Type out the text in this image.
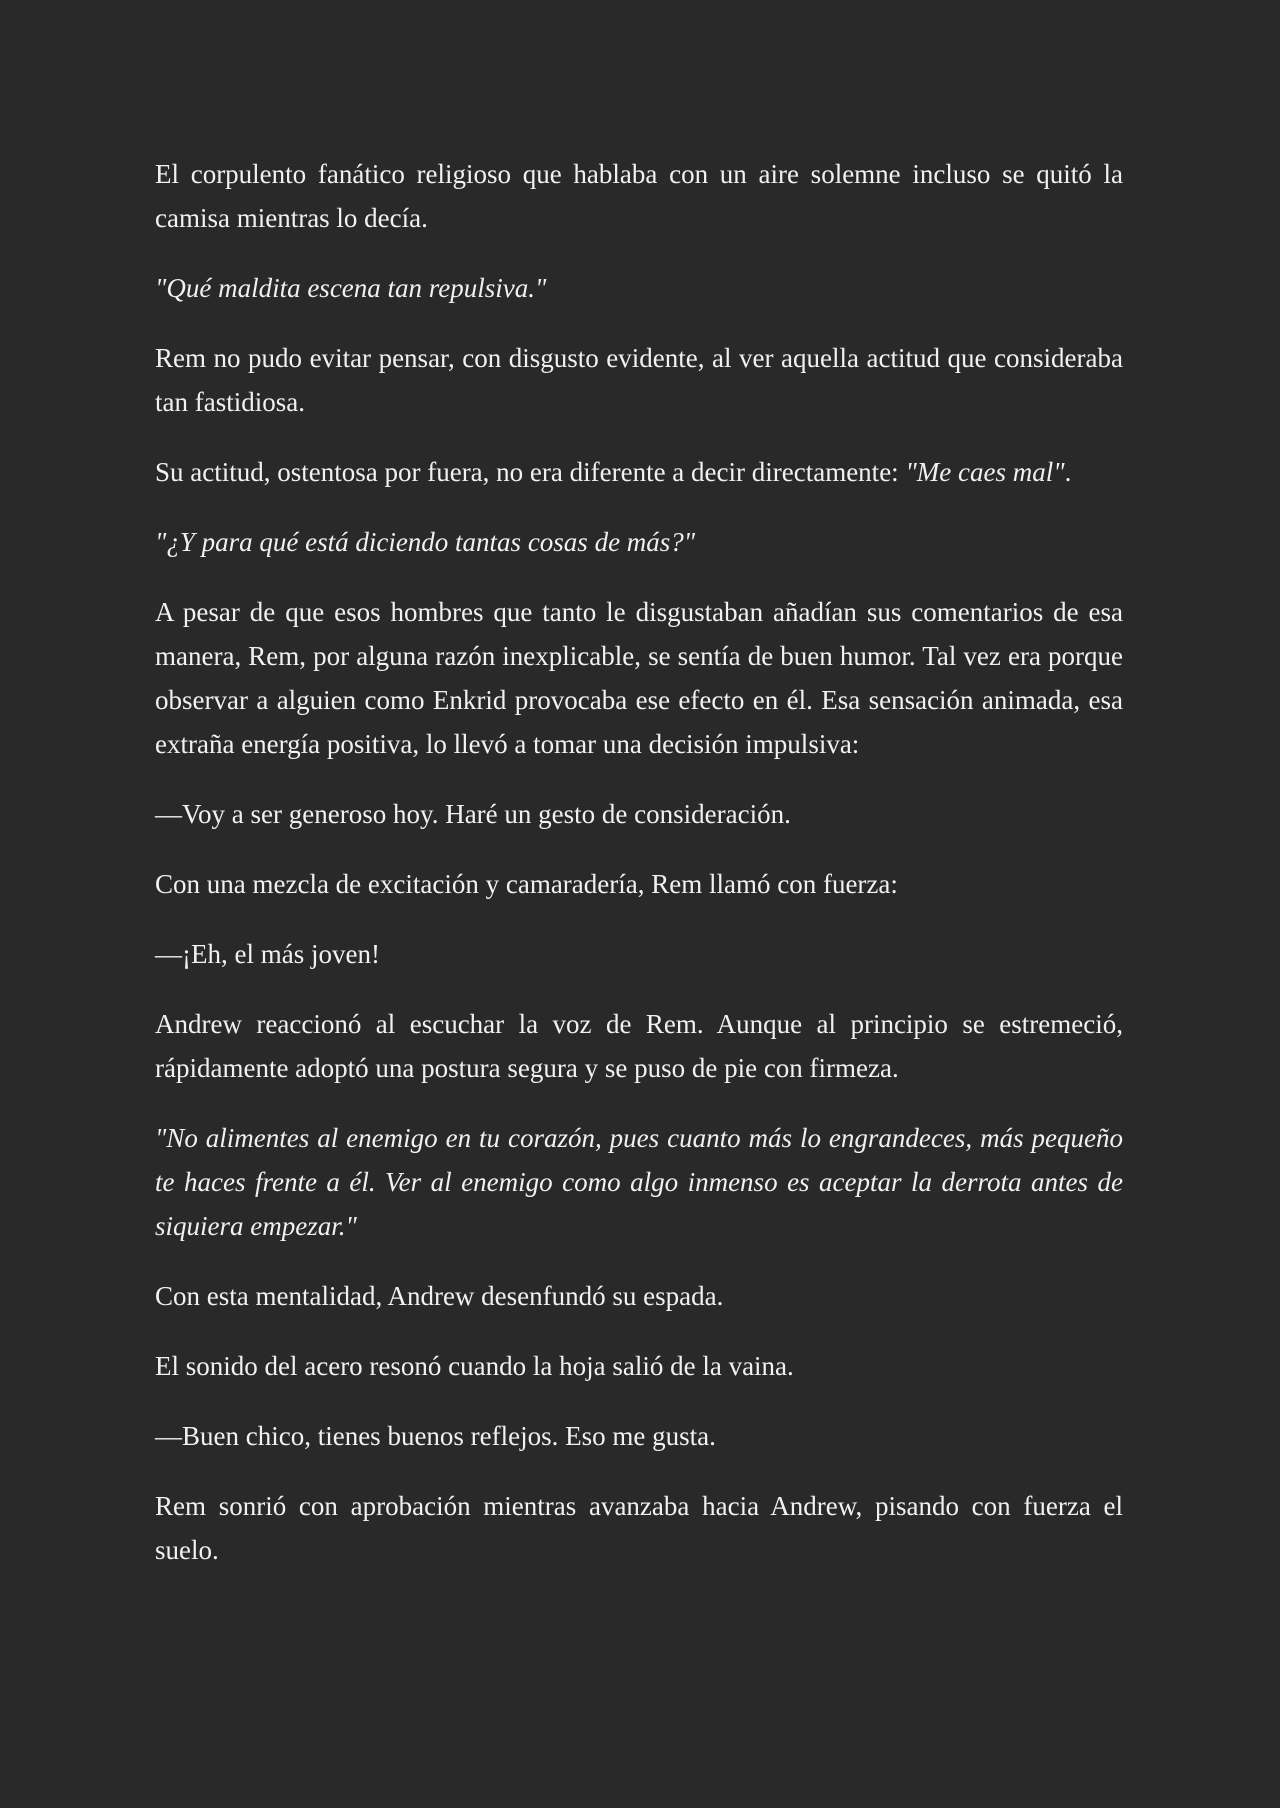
El corpulento fanático religioso que hablaba con un aire solemne incluso se quitó la camisa mientras lo decía.

"Qué maldita escena tan repulsiva."

Rem no pudo evitar pensar, con disgusto evidente, al ver aquella actitud que consideraba tan fastidiosa.

Su actitud, ostentosa por fuera, no era diferente a decir directamente: "Me caes mal".

"¿Y para qué está diciendo tantas cosas de más?"

A pesar de que esos hombres que tanto le disgustaban añadían sus comentarios de esa manera, Rem, por alguna razón inexplicable, se sentía de buen humor. Tal vez era porque observar a alguien como Enkrid provocaba ese efecto en él. Esa sensación animada, esa extraña energía positiva, lo llevó a tomar una decisión impulsiva:

—Voy a ser generoso hoy. Haré un gesto de consideración.

Con una mezcla de excitación y camaradería, Rem llamó con fuerza:

—¡Eh, el más joven!

Andrew reaccionó al escuchar la voz de Rem. Aunque al principio se estremeció, rápidamente adoptó una postura segura y se puso de pie con firmeza.

"No alimentes al enemigo en tu corazón, pues cuanto más lo engrandeces, más pequeño te haces frente a él. Ver al enemigo como algo inmenso es aceptar la derrota antes de siquiera empezar."

Con esta mentalidad, Andrew desenfundó su espada.

El sonido del acero resonó cuando la hoja salió de la vaina.

—Buen chico, tienes buenos reflejos. Eso me gusta.

Rem sonrió con aprobación mientras avanzaba hacia Andrew, pisando con fuerza el suelo.
